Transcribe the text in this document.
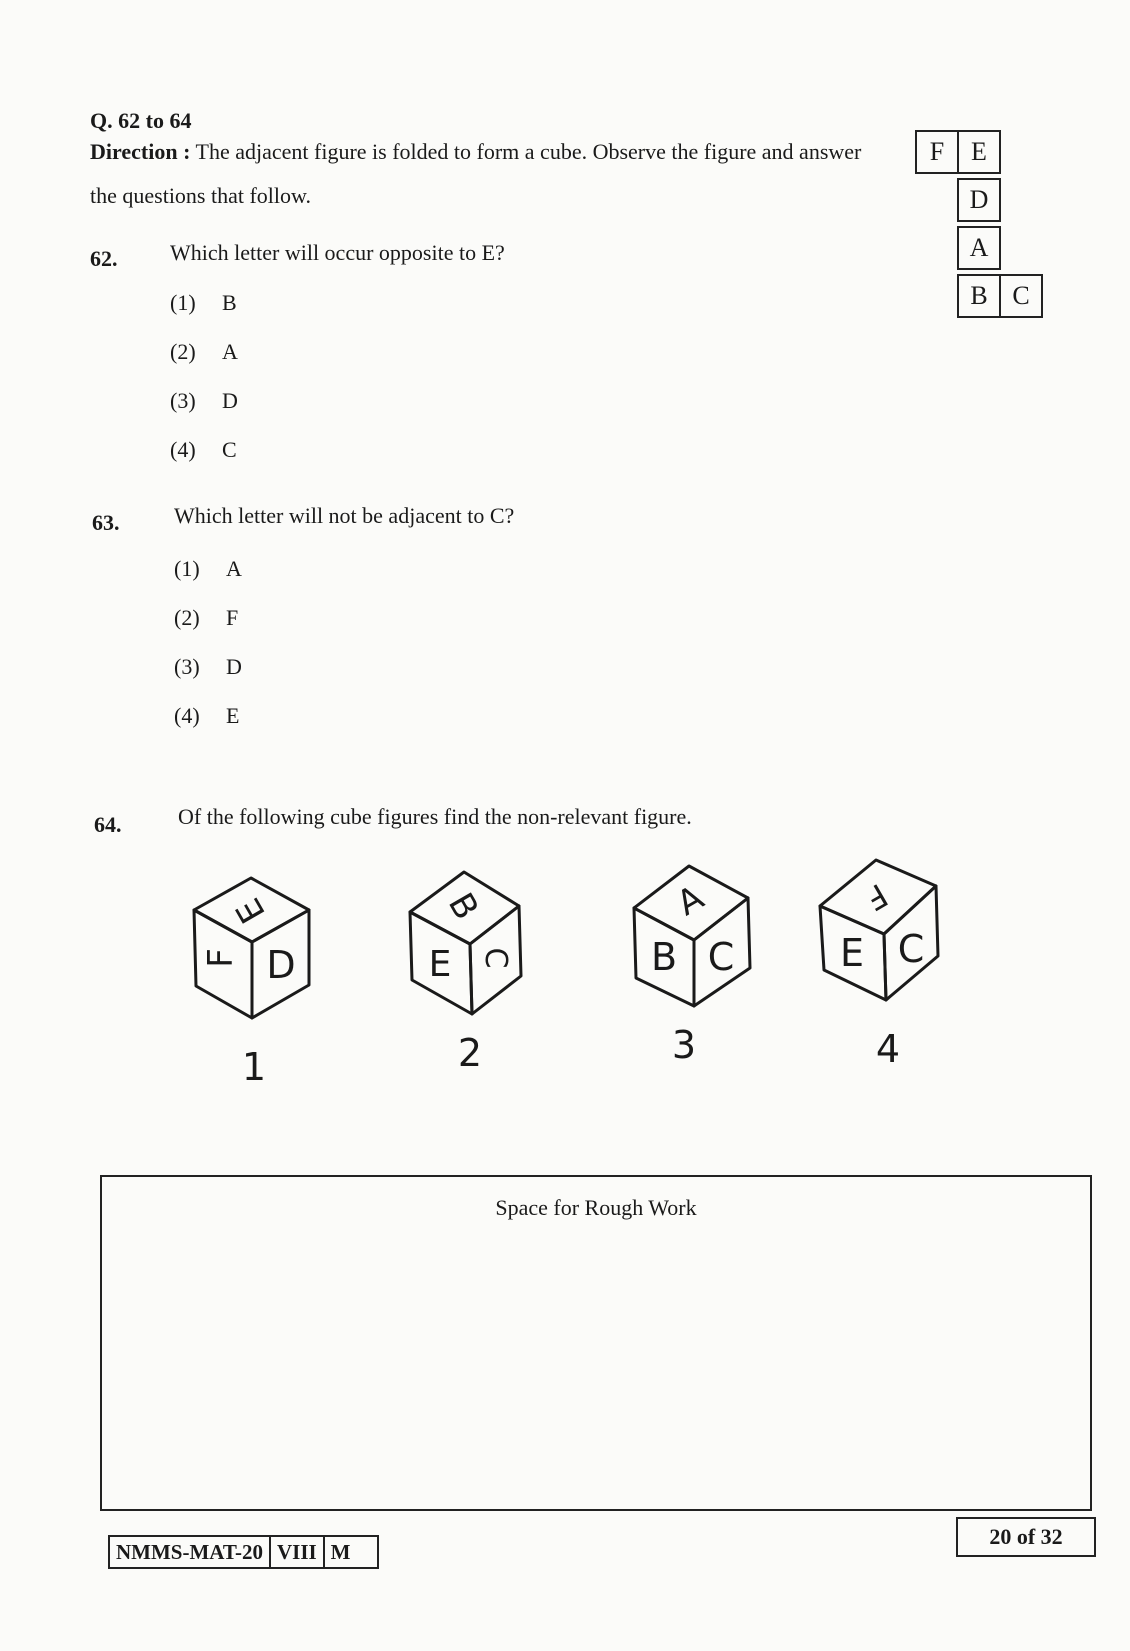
Q. 62 to 64
Direction : The adjacent figure is folded to form a cube. Observe the figure and answer the questions that follow.
F	E
D
A
B C
62. Which letter will occur opposite to E?
(1) B
(2) A
(3) D
(4) C
63. Which letter will not be adjacent to C?
(1) A
(2) F
(3) D
(4) E
64.	Of the following cube figures find the non-relevant figure.
E
F D
B
E C
A
B C
F
E C
1	2	3	4
Space for Rough Work
NMMS-MAT-20 VIII M
20 of 32
